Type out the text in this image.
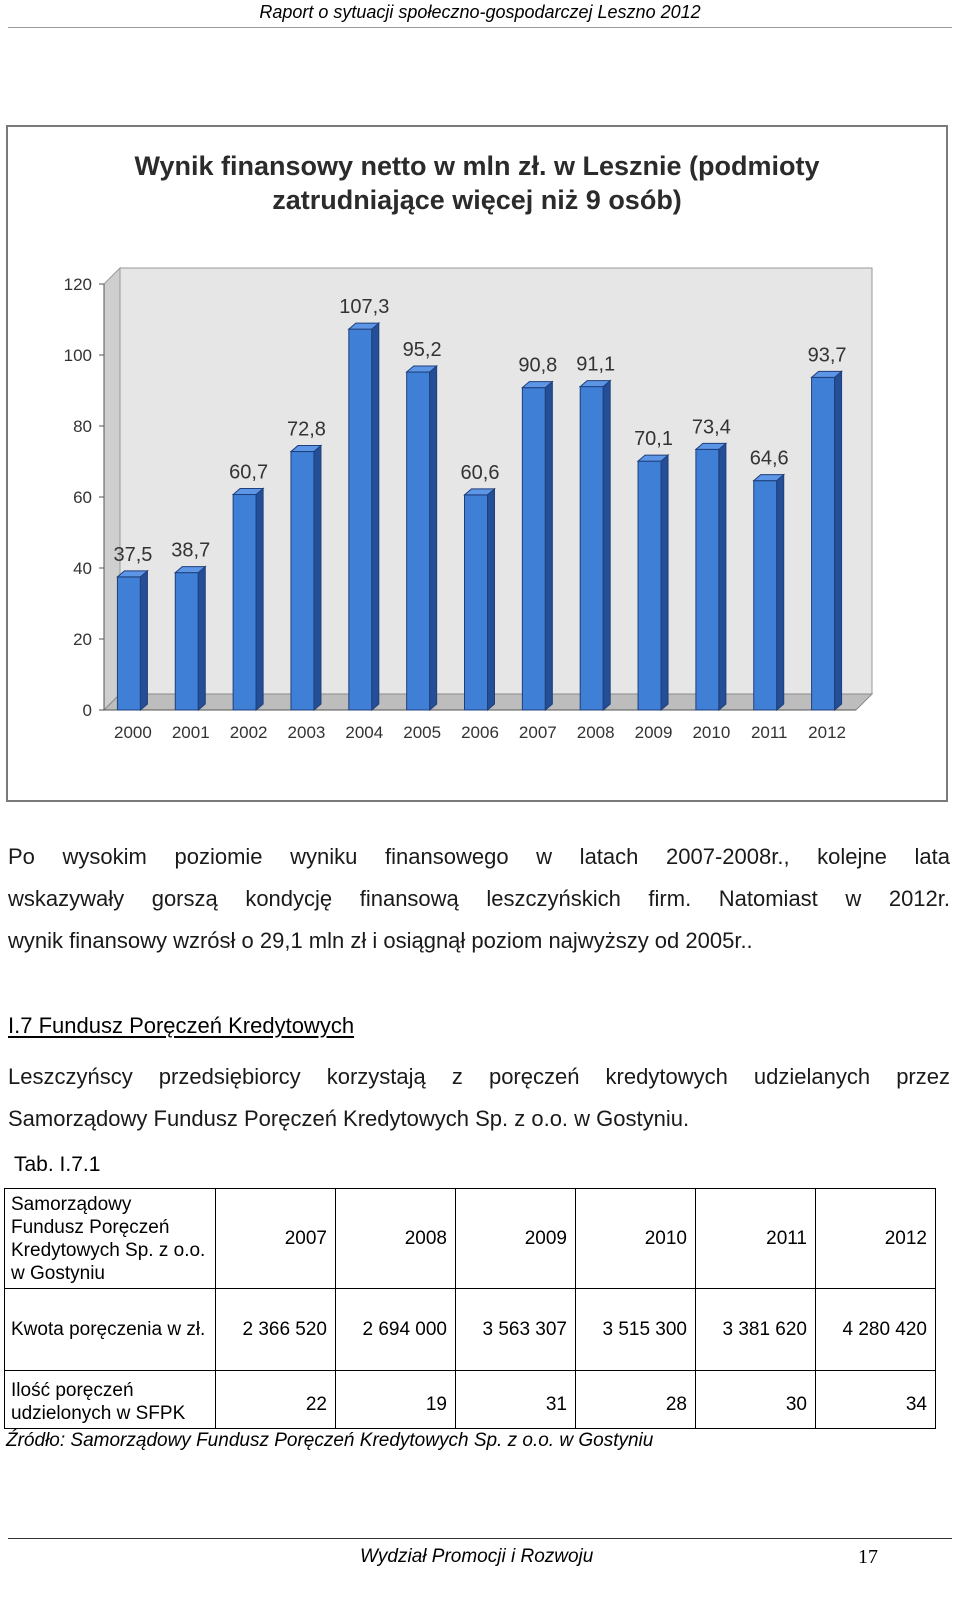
Raport o sytuacji społeczno-gospodarczej Leszno 2012
Wynik finansowy netto w mln zł. w Lesznie (podmioty
zatrudniające więcej niż 9 osób)
0
20
40
60
80
100
120
37,5
2000
38,7
2001
60,7
2002
72,8
2003
107,3
2004
95,2
2005
60,6
2006
90,8
2007
91,1
2008
70,1
2009
73,4
2010
64,6
2011
93,7
2012
Po wysokim poziomie wyniku finansowego w latach 2007-2008r., kolejne lata
wskazywały gorszą kondycję finansową leszczyńskich firm. Natomiast w 2012r.
wynik finansowy wzrósł o 29,1 mln zł i osiągnął poziom najwyższy od 2005r..
I.7 Fundusz Poręczeń Kredytowych
Leszczyńscy przedsiębiorcy korzystają z poręczeń kredytowych udzielanych przez
Samorządowy Fundusz Poręczeń Kredytowych Sp. z o.o. w Gostyniu.
Tab. I.7.1
Samorządowy Fundusz Poręczeń Kredytowych Sp. z o.o. w Gostyniu	2007	2008	2009	2010	2011	2012
Kwota poręczenia w zł.	2 366 520	2 694 000	3 563 307	3 515 300	3 381 620	4 280 420
Ilość poręczeń udzielonych w SFPK	22	19	31	28	30	34
Źródło: Samorządowy Fundusz Poręczeń Kredytowych Sp. z o.o. w Gostyniu
Wydział Promocji i Rozwoju	17
